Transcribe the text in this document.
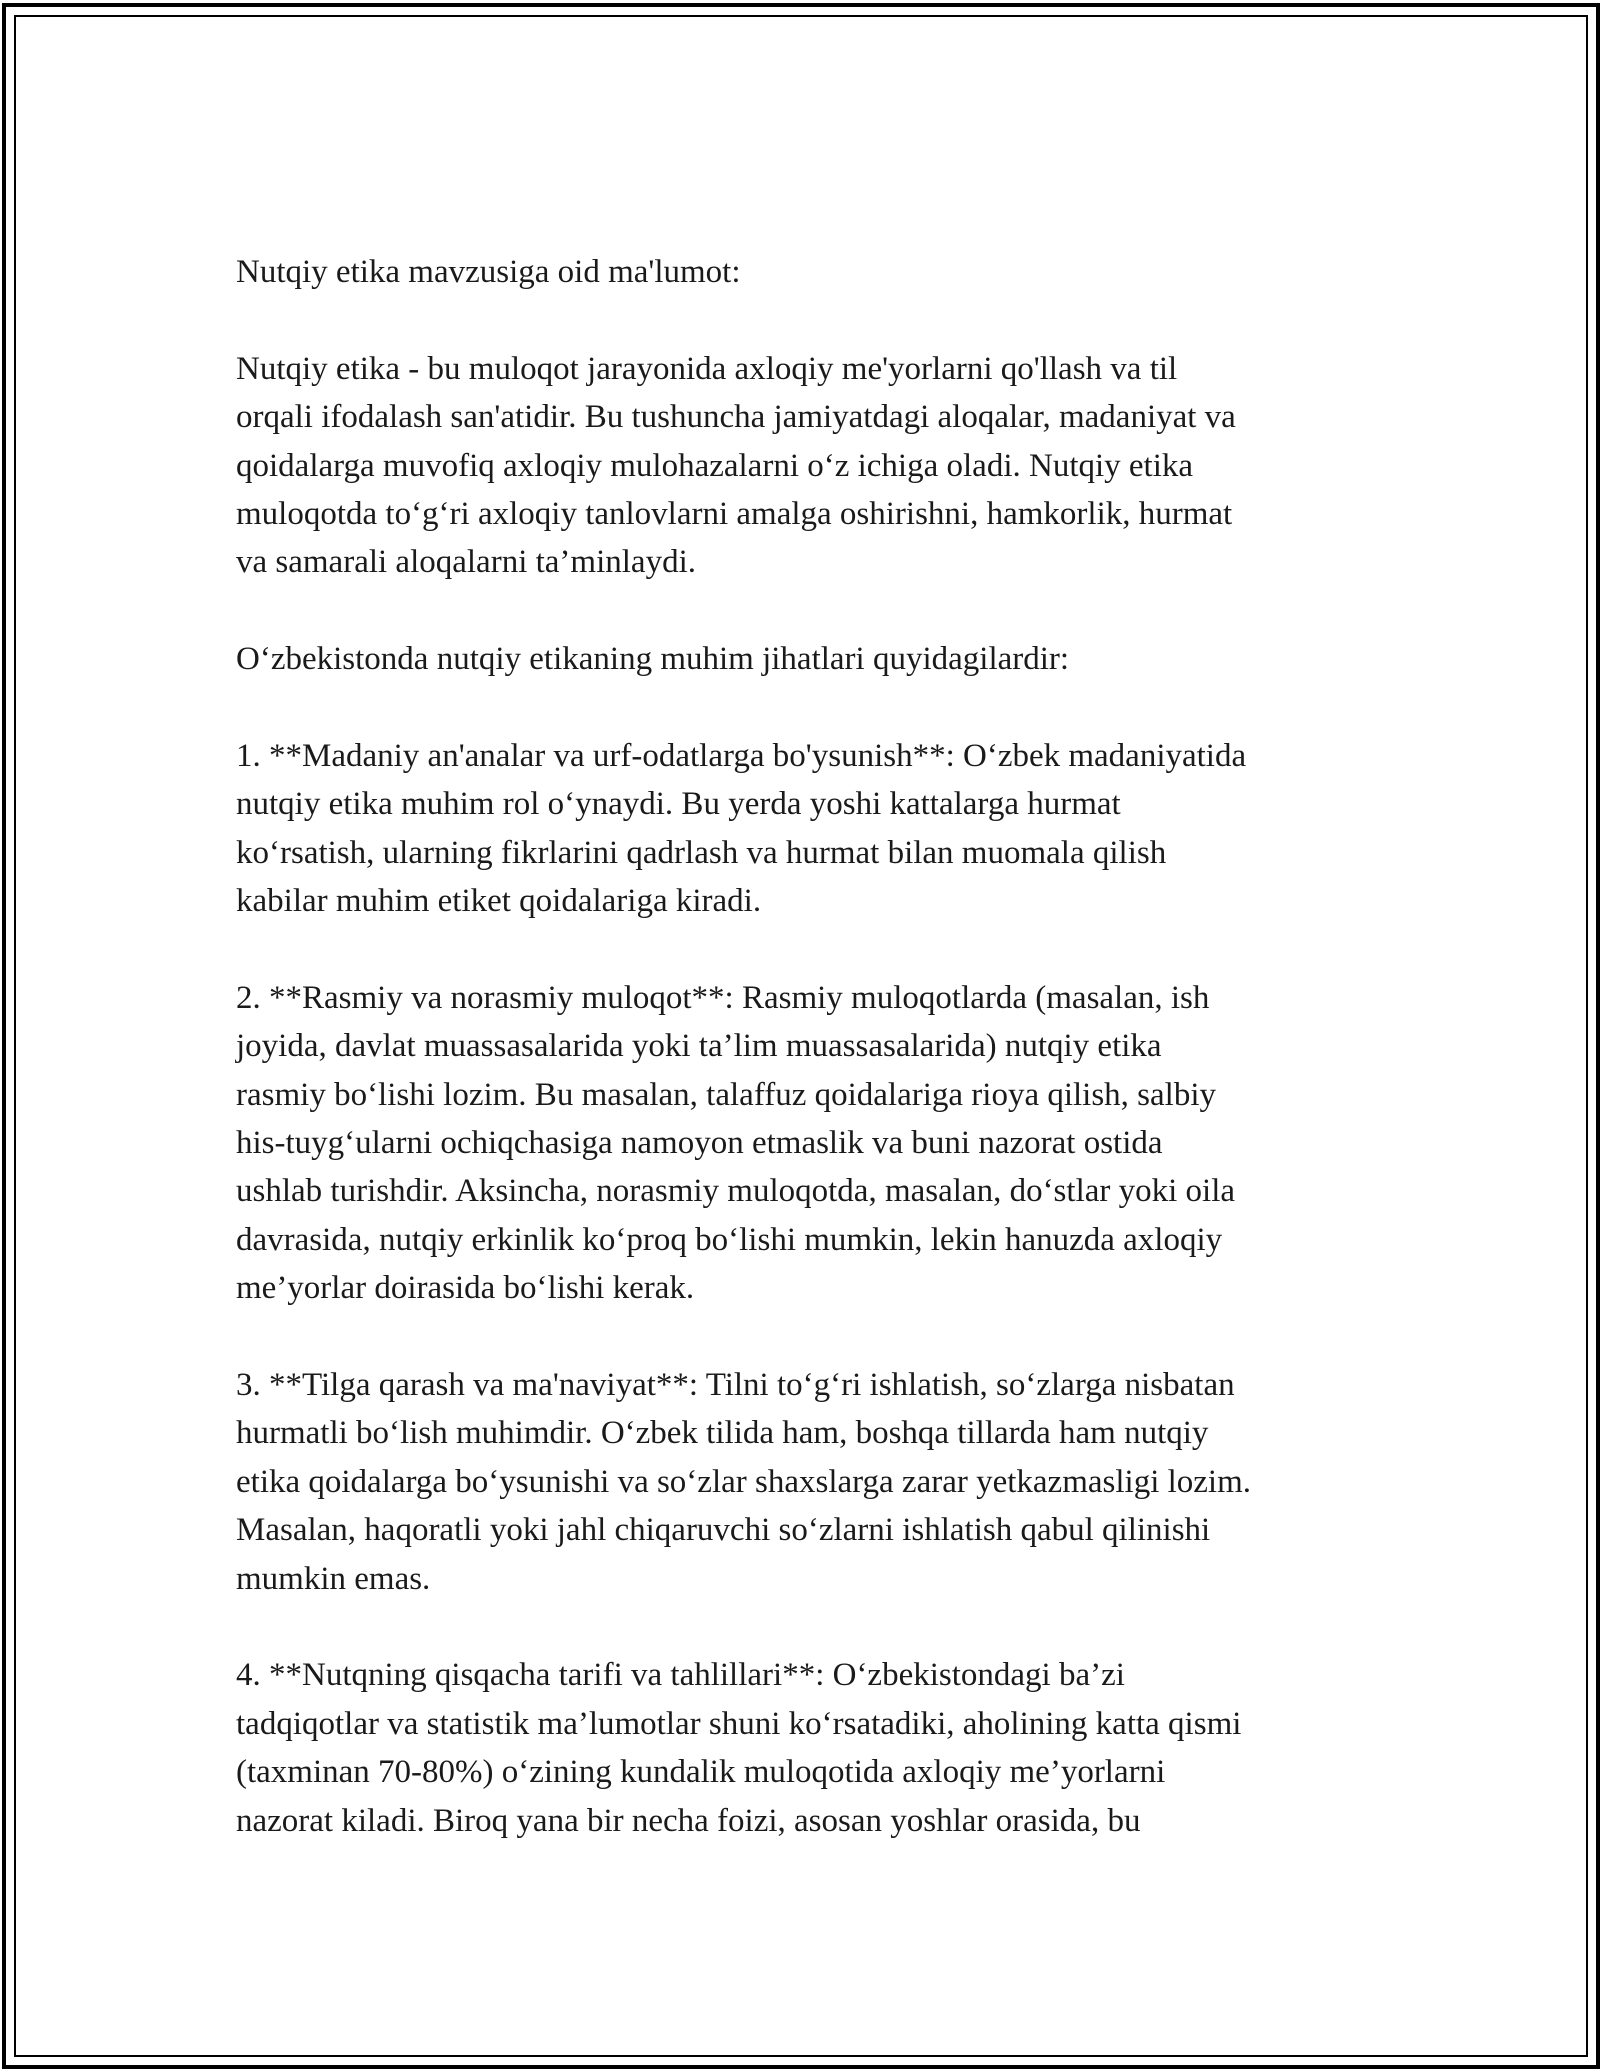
Nutqiy etika mavzusiga oid ma'lumot:
Nutqiy etika - bu muloqot jarayonida axloqiy me'yorlarni qo'llash va til
orqali ifodalash san'atidir. Bu tushuncha jamiyatdagi aloqalar, madaniyat va
qoidalarga muvofiq axloqiy mulohazalarni oʻz ichiga oladi. Nutqiy etika
muloqotda toʻgʻri axloqiy tanlovlarni amalga oshirishni, hamkorlik, hurmat
va samarali aloqalarni ta’minlaydi.
Oʻzbekistonda nutqiy etikaning muhim jihatlari quyidagilardir:
1. **Madaniy an'analar va urf-odatlarga bo'ysunish**: Oʻzbek madaniyatida
nutqiy etika muhim rol oʻynaydi. Bu yerda yoshi kattalarga hurmat
koʻrsatish, ularning fikrlarini qadrlash va hurmat bilan muomala qilish
kabilar muhim etiket qoidalariga kiradi.
2. **Rasmiy va norasmiy muloqot**: Rasmiy muloqotlarda (masalan, ish
joyida, davlat muassasalarida yoki ta’lim muassasalarida) nutqiy etika
rasmiy boʻlishi lozim. Bu masalan, talaffuz qoidalariga rioya qilish, salbiy
his-tuygʻularni ochiqchasiga namoyon etmaslik va buni nazorat ostida
ushlab turishdir. Aksincha, norasmiy muloqotda, masalan, doʻstlar yoki oila
davrasida, nutqiy erkinlik koʻproq boʻlishi mumkin, lekin hanuzda axloqiy
me’yorlar doirasida boʻlishi kerak.
3. **Tilga qarash va ma'naviyat**: Tilni toʻgʻri ishlatish, soʻzlarga nisbatan
hurmatli boʻlish muhimdir. Oʻzbek tilida ham, boshqa tillarda ham nutqiy
etika qoidalarga boʻysunishi va soʻzlar shaxslarga zarar yetkazmasligi lozim.
Masalan, haqoratli yoki jahl chiqaruvchi soʻzlarni ishlatish qabul qilinishi
mumkin emas.
4. **Nutqning qisqacha tarifi va tahlillari**: Oʻzbekistondagi ba’zi
tadqiqotlar va statistik ma’lumotlar shuni koʻrsatadiki, aholining katta qismi
(taxminan 70-80%) oʻzining kundalik muloqotida axloqiy me’yorlarni
nazorat kiladi. Biroq yana bir necha foizi, asosan yoshlar orasida, bu
